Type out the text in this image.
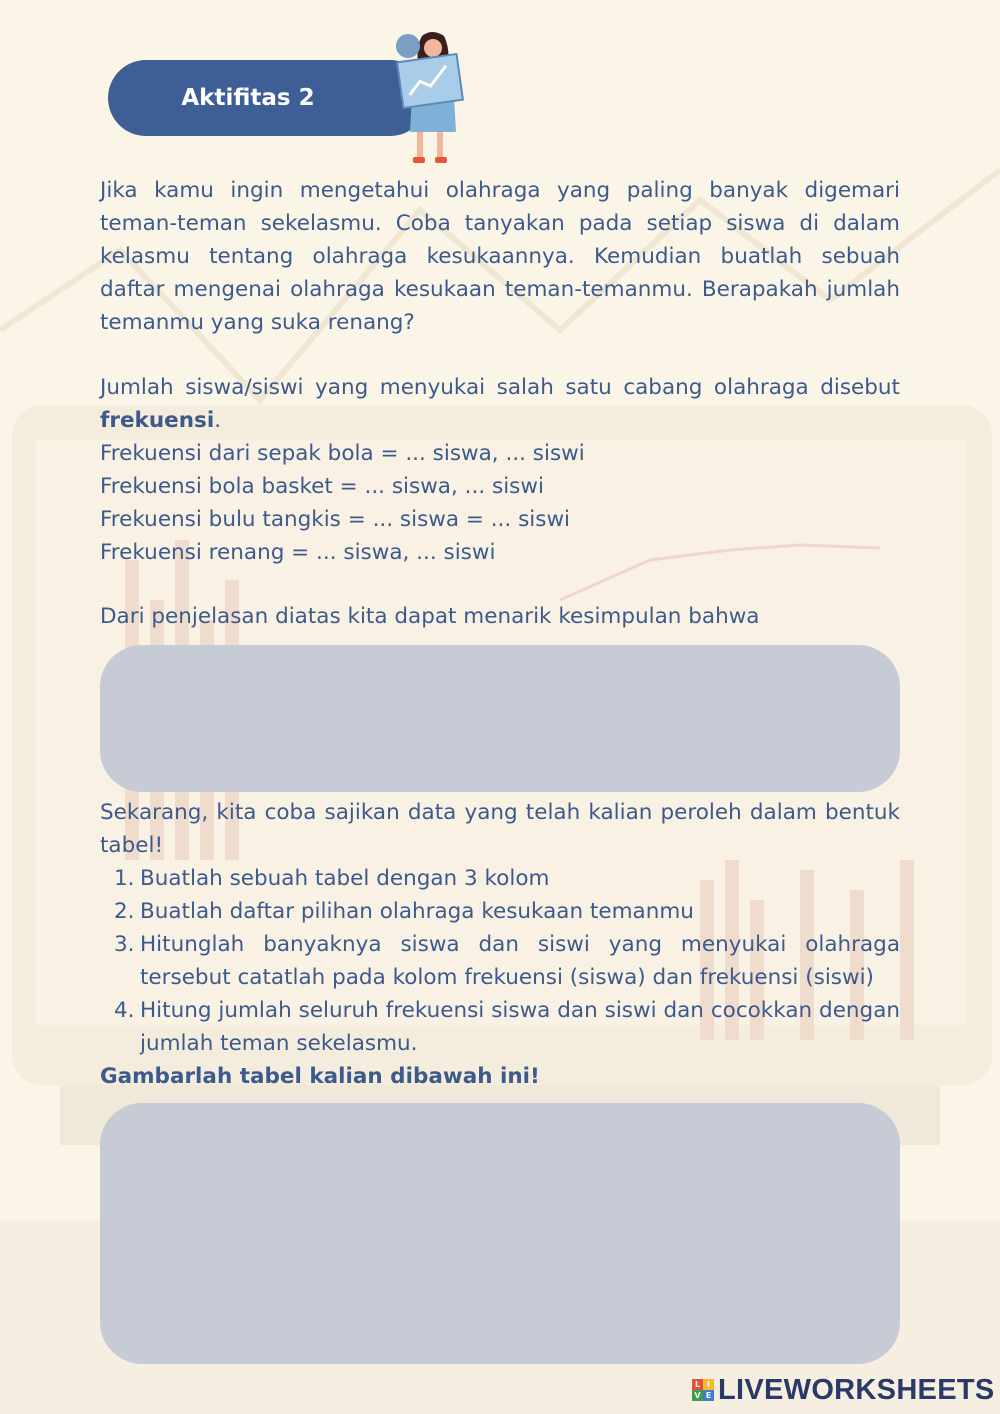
Aktifitas 2
Jika kamu ingin mengetahui olahraga yang paling banyak digemari
teman-teman sekelasmu. Coba tanyakan pada setiap siswa di dalam
kelasmu tentang olahraga kesukaannya. Kemudian buatlah sebuah
daftar mengenai olahraga kesukaan teman-temanmu. Berapakah jumlah
temanmu yang suka renang?
Jumlah siswa/siswi yang menyukai salah satu cabang olahraga disebut
frekuensi.
Frekuensi dari sepak bola = ... siswa, ... siswi
Frekuensi bola basket = ... siswa, ... siswi
Frekuensi bulu tangkis = ... siswa = ... siswi
Frekuensi renang = ... siswa, ... siswi
Dari penjelasan diatas kita dapat menarik kesimpulan bahwa
Sekarang, kita coba sajikan data yang telah kalian peroleh dalam bentuk
tabel!
1. Buatlah sebuah tabel dengan 3 kolom
2. Buatlah daftar pilihan olahraga kesukaan temanmu
3. Hitunglah banyaknya siswa dan siswi yang menyukai olahraga tersebut catatlah pada kolom frekuensi (siswa) dan frekuensi (siswi)
4. Hitung jumlah seluruh frekuensi siswa dan siswi dan cocokkan dengan jumlah teman sekelasmu.
Gambarlah tabel kalian dibawah ini!
L I
V E LIVEWORKSHEETS
